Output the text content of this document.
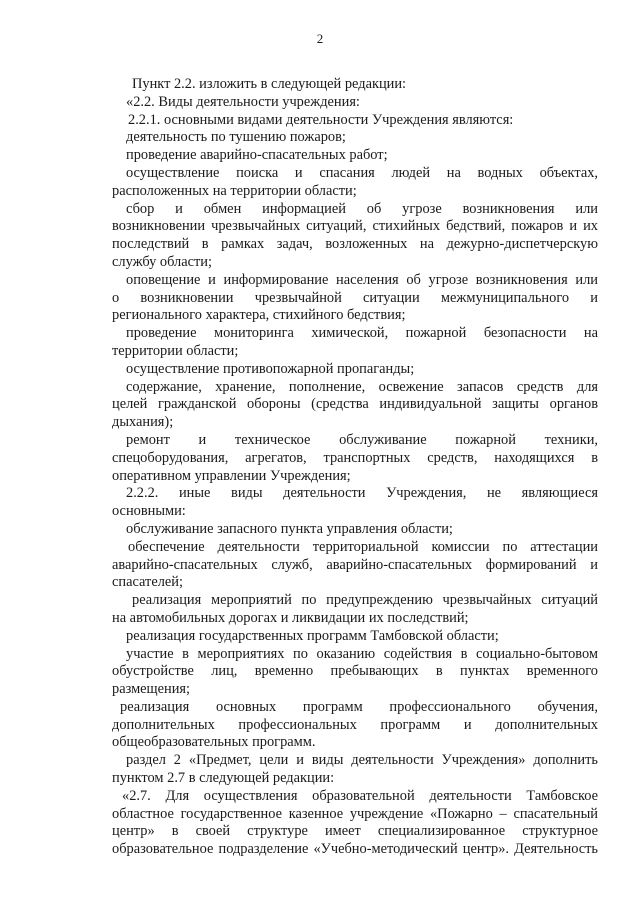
2
Пункт 2.2. изложить в следующей редакции:
«2.2. Виды деятельности учреждения:
2.2.1. основными видами деятельности Учреждения являются:
деятельность по тушению пожаров;
проведение аварийно-спасательных работ;
осуществление поиска и спасания людей на водных объектах,
расположенных на территории области;
сбор и обмен информацией об угрозе возникновения или
возникновении чрезвычайных ситуаций, стихийных бедствий, пожаров и их
последствий в рамках задач, возложенных на дежурно-диспетчерскую
службу области;
оповещение и информирование населения об угрозе возникновения или
о возникновении чрезвычайной ситуации межмуниципального и
регионального характера, стихийного бедствия;
проведение мониторинга химической, пожарной безопасности на
территории области;
осуществление противопожарной пропаганды;
содержание, хранение, пополнение, освежение запасов средств для
целей гражданской обороны (средства индивидуальной защиты органов
дыхания);
ремонт и техническое обслуживание пожарной техники,
спецоборудования, агрегатов, транспортных средств, находящихся в
оперативном управлении Учреждения;
2.2.2. иные виды деятельности Учреждения, не являющиеся
основными:
обслуживание запасного пункта управления области;
обеспечение деятельности территориальной комиссии по аттестации
аварийно-спасательных служб, аварийно-спасательных формирований и
спасателей;
реализация мероприятий по предупреждению чрезвычайных ситуаций
на автомобильных дорогах и ликвидации их последствий;
реализация государственных программ Тамбовской области;
участие в мероприятиях по оказанию содействия в социально-бытовом
обустройстве лиц, временно пребывающих в пунктах временного
размещения;
реализация основных программ профессионального обучения,
дополнительных профессиональных программ и дополнительных
общеобразовательных программ.
раздел 2 «Предмет, цели и виды деятельности Учреждения» дополнить
пунктом 2.7 в следующей редакции:
«2.7. Для осуществления образовательной деятельности Тамбовское
областное государственное казенное учреждение «Пожарно – спасательный
центр» в своей структуре имеет специализированное структурное
образовательное подразделение «Учебно-методический центр». Деятельность
